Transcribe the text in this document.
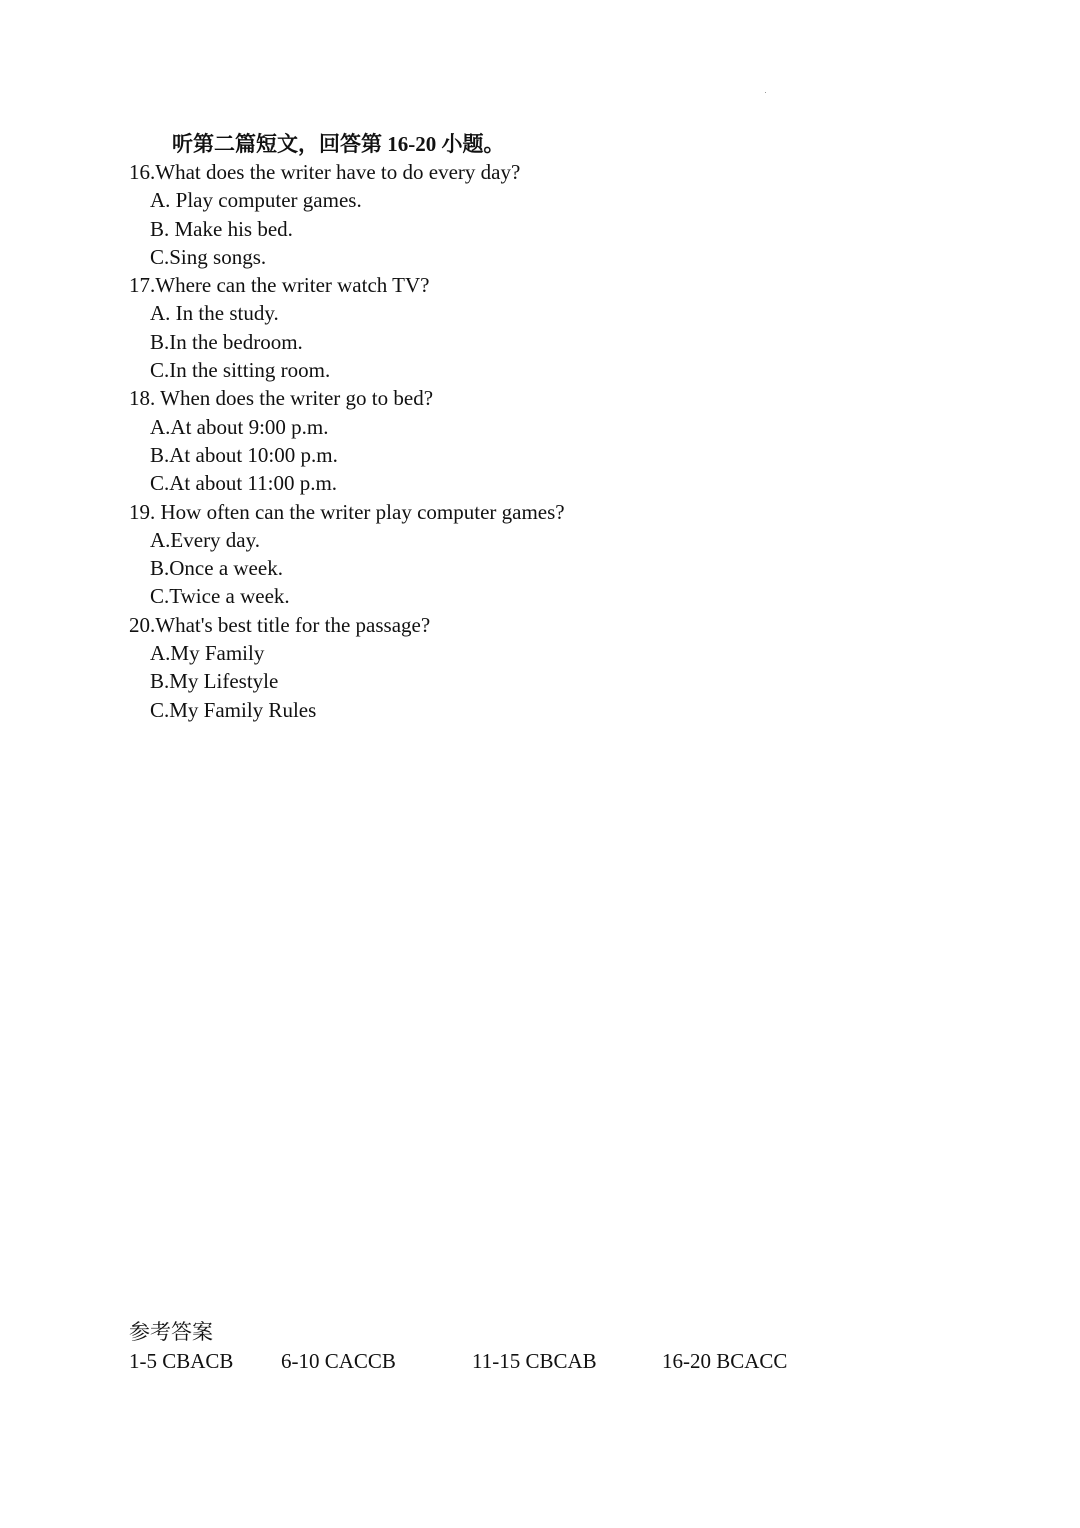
听第二篇短文，回答第 16-20 小题。
16.What does the writer have to do every day?
A. Play computer games.
B. Make his bed.
C.Sing songs.
17.Where can the writer watch TV?
A. In the study.
B.In the bedroom.
C.In the sitting room.
18. When does the writer go to bed?
A.At about 9:00 p.m.
B.At about 10:00 p.m.
C.At about 11:00 p.m.
19. How often can the writer play computer games?
A.Every day.
B.Once a week.
C.Twice a week.
20.What's best title for the passage?
A.My Family
B.My Lifestyle
C.My Family Rules
参考答案
1-5 CBACB 6-10 CACCB	11-15 CBCAB	16-20 BCACC
